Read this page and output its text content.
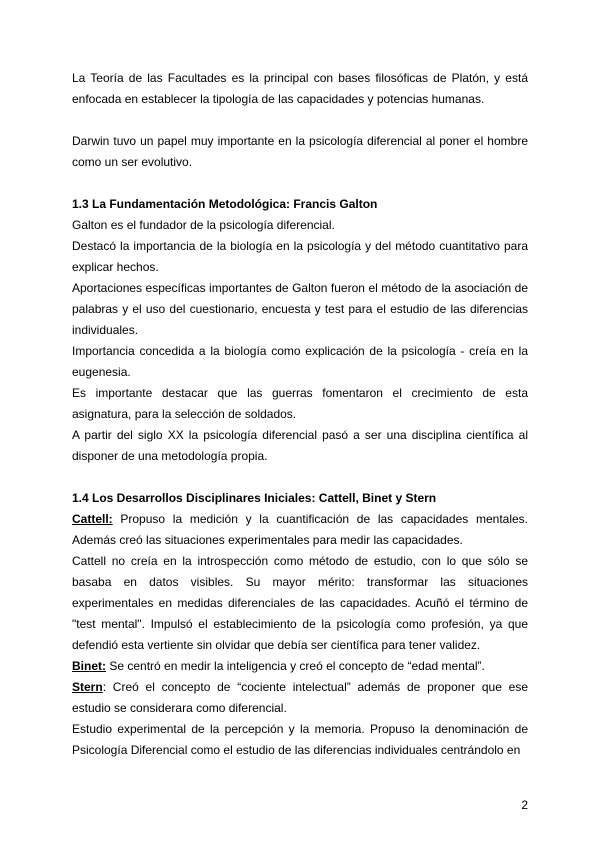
La Teoría de las Facultades es la principal con bases filosóficas de Platón, y está enfocada en establecer la tipología de las capacidades y potencias humanas.

Darwin tuvo un papel muy importante en la psicología diferencial al poner el hombre como un ser evolutivo.

1.3 La Fundamentación Metodológica: Francis Galton

Galton es el fundador de la psicología diferencial.

Destacó la importancia de la biología en la psicología y del método cuantitativo para explicar hechos.

Aportaciones específicas importantes de Galton fueron el método de la asociación de palabras y el uso del cuestionario, encuesta y test para el estudio de las diferencias individuales.

Importancia concedida a la biología como explicación de la psicología - creía en la eugenesia.

Es importante destacar que las guerras fomentaron el crecimiento de esta asignatura, para la selección de soldados.

A partir del siglo XX la psicología diferencial pasó a ser una disciplina científica al disponer de una metodología propia.

1.4 Los Desarrollos Disciplinares Iniciales: Cattell, Binet y Stern

Cattell: Propuso la medición y la cuantificación de las capacidades mentales. Además creó las situaciones experimentales para medir las capacidades.

Cattell no creía en la introspección como método de estudio, con lo que sólo se basaba en datos visibles. Su mayor mérito: transformar las situaciones experimentales en medidas diferenciales de las capacidades. Acuñó el término de "test mental". Impulsó el establecimiento de la psicología como profesión, ya que defendió esta vertiente sin olvidar que debía ser científica para tener validez.

Binet: Se centró en medir la inteligencia y creó el concepto de “edad mental”.

Stern: Creó el concepto de “cociente intelectual” además de proponer que ese estudio se considerara como diferencial.

Estudio experimental de la percepción y la memoria. Propuso la denominación de Psicología Diferencial como el estudio de las diferencias individuales centrándolo en

2
